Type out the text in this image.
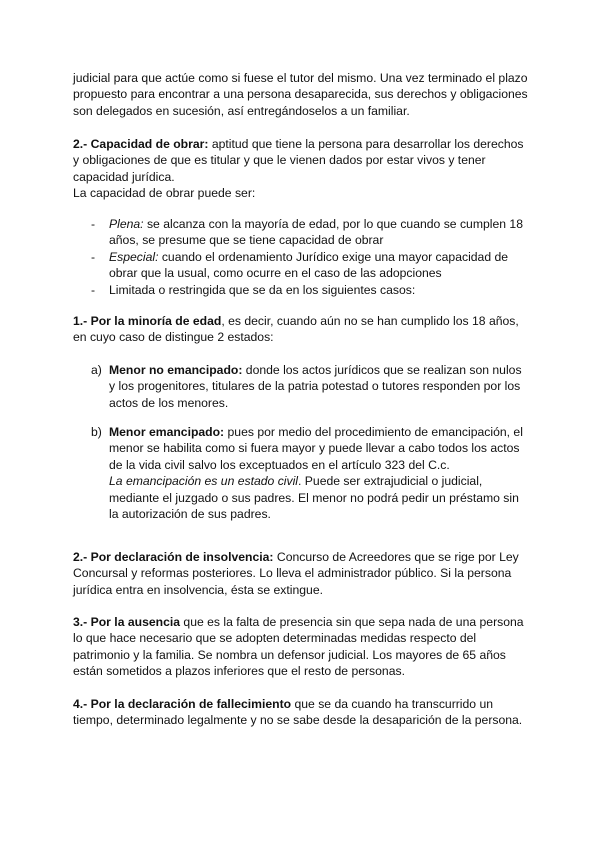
judicial para que actúe como si fuese el tutor del mismo. Una vez terminado el plazo
propuesto para encontrar a una persona desaparecida, sus derechos y obligaciones
son delegados en sucesión, así entregándoselos a un familiar.
2.- Capacidad de obrar: aptitud que tiene la persona para desarrollar los derechos
y obligaciones de que es titular y que le vienen dados por estar vivos y tener
capacidad jurídica.
La capacidad de obrar puede ser:
- Plena: se alcanza con la mayoría de edad, por lo que cuando se cumplen 18
años, se presume que se tiene capacidad de obrar
- Especial: cuando el ordenamiento Jurídico exige una mayor capacidad de
obrar que la usual, como ocurre en el caso de las adopciones
- Limitada o restringida que se da en los siguientes casos:
1.- Por la minoría de edad, es decir, cuando aún no se han cumplido los 18 años,
en cuyo caso de distingue 2 estados:
a) Menor no emancipado: donde los actos jurídicos que se realizan son nulos
y los progenitores, titulares de la patria potestad o tutores responden por los
actos de los menores.
b) Menor emancipado: pues por medio del procedimiento de emancipación, el
menor se habilita como si fuera mayor y puede llevar a cabo todos los actos
de la vida civil salvo los exceptuados en el artículo 323 del C.c.
La emancipación es un estado civil. Puede ser extrajudicial o judicial,
mediante el juzgado o sus padres. El menor no podrá pedir un préstamo sin
la autorización de sus padres.
2.- Por declaración de insolvencia: Concurso de Acreedores que se rige por Ley
Concursal y reformas posteriores. Lo lleva el administrador público. Si la persona
jurídica entra en insolvencia, ésta se extingue.
3.- Por la ausencia que es la falta de presencia sin que sepa nada de una persona
lo que hace necesario que se adopten determinadas medidas respecto del
patrimonio y la familia. Se nombra un defensor judicial. Los mayores de 65 años
están sometidos a plazos inferiores que el resto de personas.
4.- Por la declaración de fallecimiento que se da cuando ha transcurrido un
tiempo, determinado legalmente y no se sabe desde la desaparición de la persona.
